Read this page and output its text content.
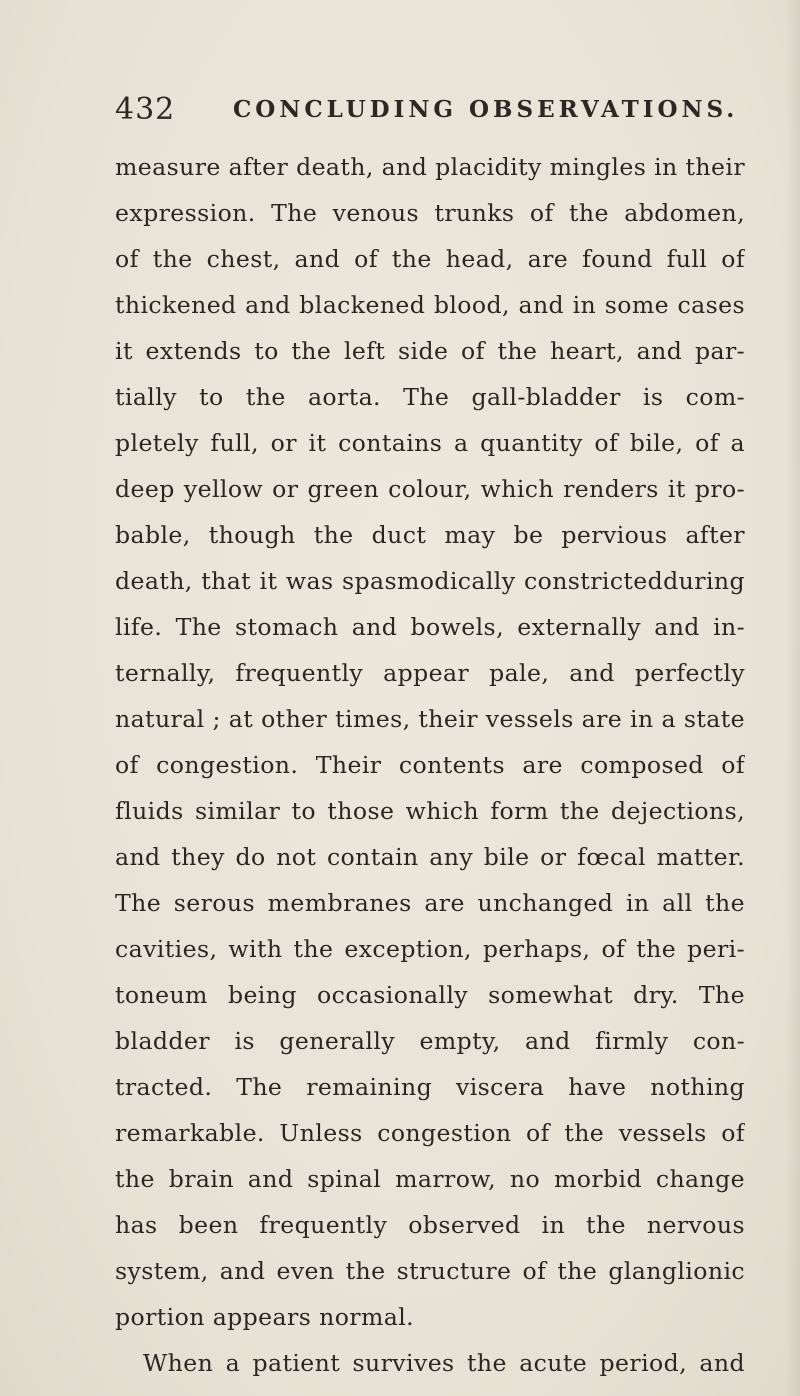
432	CONCLUDING OBSERVATIONS.
measure after death, and placidity mingles in their
expression. The venous trunks of the abdomen,
of the chest, and of the head, are found full of
thickened and blackened blood, and in some cases
it extends to the left side of the heart, and par-
tially to the aorta. The gall-bladder is com-
pletely full, or it contains a quantity of bile, of a
deep yellow or green colour, which renders it pro-
bable, though the duct may be pervious after
death, that it was spasmodically constrictedduring
life. The stomach and bowels, externally and in-
ternally, frequently appear pale, and perfectly
natural ; at other times, their vessels are in a state
of congestion. Their contents are composed of
fluids similar to those which form the dejections,
and they do not contain any bile or fœcal matter.
The serous membranes are unchanged in all the
cavities, with the exception, perhaps, of the peri-
toneum being occasionally somewhat dry. The
bladder is generally empty, and firmly con-
tracted. The remaining viscera have nothing
remarkable. Unless congestion of the vessels of
the brain and spinal marrow, no morbid change
has been frequently observed in the nervous
system, and even the structure of the glanglionic
portion appears normal.
When a patient survives the acute period, and
